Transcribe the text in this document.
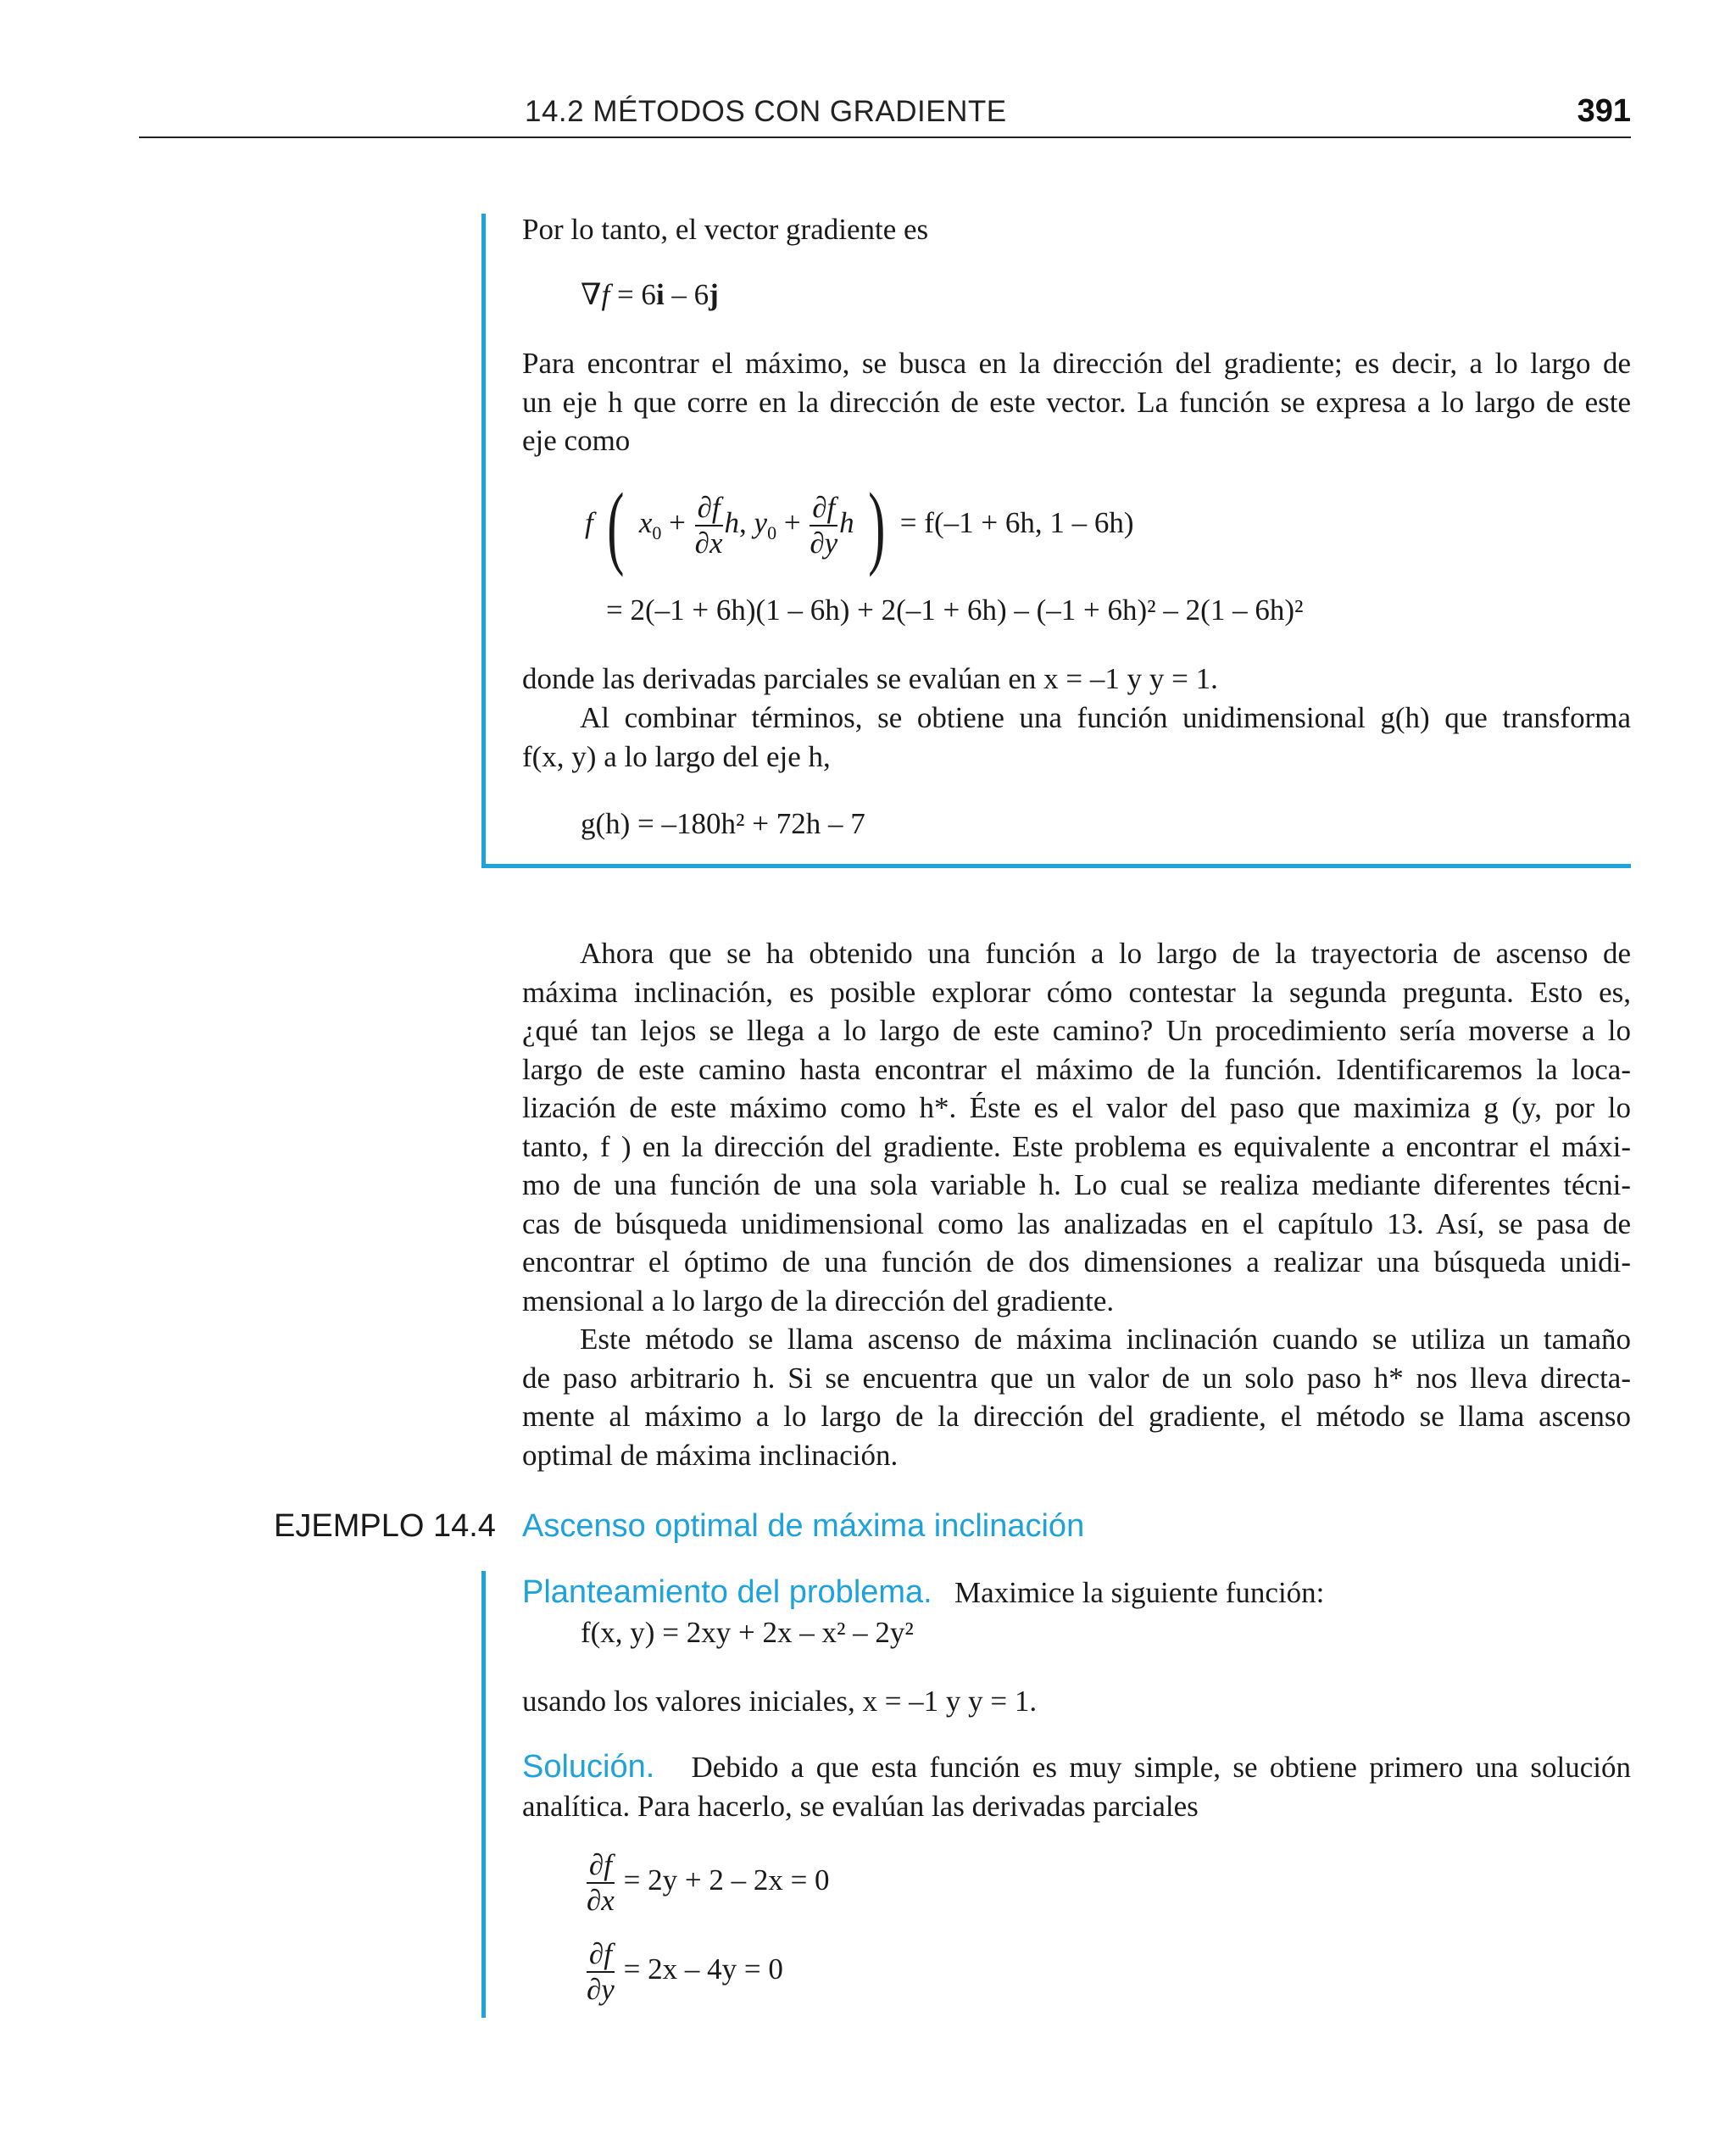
14.2 MÉTODOS CON GRADIENTE	391
Por lo tanto, el vector gradiente es
∇f = 6i – 6j
Para encontrar el máximo, se busca en la dirección del gradiente; es decir, a lo largo de
un eje h que corre en la dirección de este vector. La función se expresa a lo largo de este
eje como
f ( $x_0 + \frac{\partial f}{\partial x} h$, $y_0 + \frac{\partial f}{\partial y}$ h ) = f(–1 + 6h, 1 – 6h)
= 2(–1 + 6h)(1 – 6h) + 2(–1 + 6h) – (–1 + 6h)² – 2(1 – 6h)²
donde las derivadas parciales se evalúan en x = –1 y y = 1.
Al combinar términos, se obtiene una función unidimensional g(h) que transforma
f(x, y) a lo largo del eje h,
g(h) = –180h² + 72h – 7
Ahora que se ha obtenido una función a lo largo de la trayectoria de ascenso de
máxima inclinación, es posible explorar cómo contestar la segunda pregunta. Esto es,
¿qué tan lejos se llega a lo largo de este camino? Un procedimiento sería moverse a lo
largo de este camino hasta encontrar el máximo de la función. Identificaremos la loca-
lización de este máximo como h*. Éste es el valor del paso que maximiza g (y, por lo
tanto, f ) en la dirección del gradiente. Este problema es equivalente a encontrar el máxi-
mo de una función de una sola variable h. Lo cual se realiza mediante diferentes técni-
cas de búsqueda unidimensional como las analizadas en el capítulo 13. Así, se pasa de
encontrar el óptimo de una función de dos dimensiones a realizar una búsqueda unidi-
mensional a lo largo de la dirección del gradiente.
Este método se llama ascenso de máxima inclinación cuando se utiliza un tamaño
de paso arbitrario h. Si se encuentra que un valor de un solo paso h* nos lleva directa-
mente al máximo a lo largo de la dirección del gradiente, el método se llama ascenso
optimal de máxima inclinación.
EJEMPLO 14.4 Ascenso optimal de máxima inclinación
Planteamiento del problema. Maximice la siguiente función:
f(x, y) = 2xy + 2x – x² – 2y²
usando los valores iniciales, x = –1 y y = 1.
Solución. Debido a que esta función es muy simple, se obtiene primero una solución
analítica. Para hacerlo, se evalúan las derivadas parciales
$\frac{\partial f}{\partial x} = 2y + 2 - 2x = 0$
$\frac{\partial f}{\partial y} = 2x - 4y = 0$
